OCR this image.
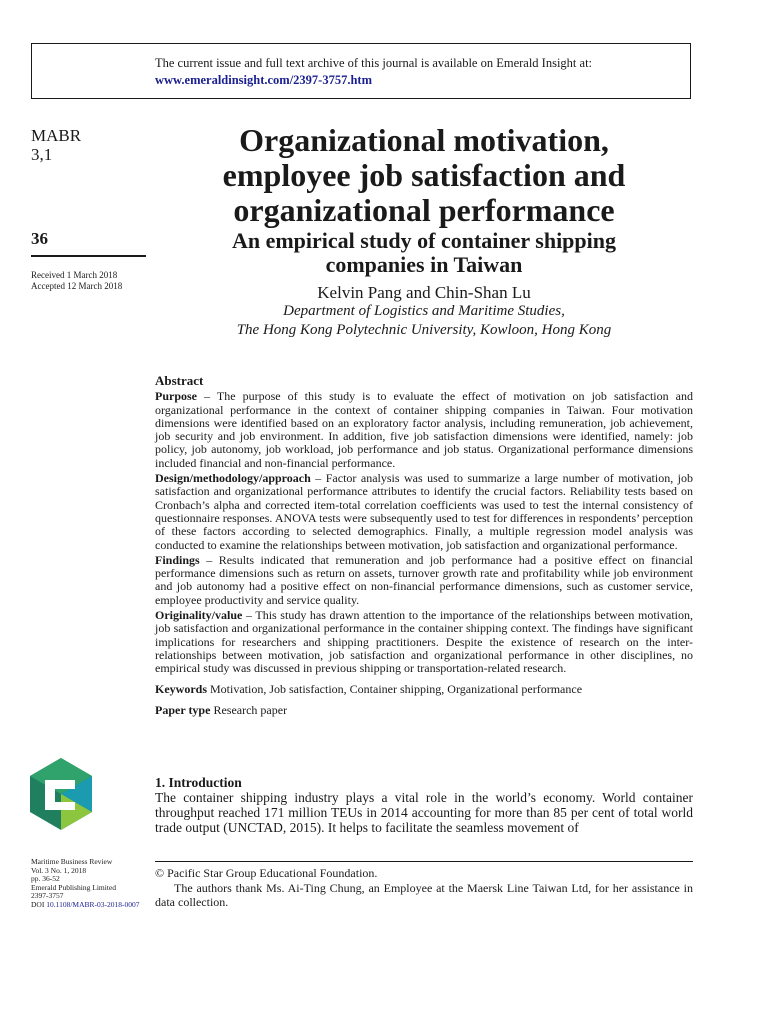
The current issue and full text archive of this journal is available on Emerald Insight at:
www.emeraldinsight.com/2397-3757.htm
MABR
3,1
36
Received 1 March 2018
Accepted 12 March 2018
Organizational motivation,
employee job satisfaction and
organizational performance
An empirical study of container shipping
companies in Taiwan
Kelvin Pang and Chin-Shan Lu
Department of Logistics and Maritime Studies,
The Hong Kong Polytechnic University, Kowloon, Hong Kong
Abstract

Purpose – The purpose of this study is to evaluate the effect of motivation on job satisfaction and organizational performance in the context of container shipping companies in Taiwan. Four motivation dimensions were identified based on an exploratory factor analysis, including remuneration, job achievement, job security and job environment. In addition, five job satisfaction dimensions were identified, namely: job policy, job autonomy, job workload, job performance and job status. Organizational performance dimensions included financial and non-financial performance.

Design/methodology/approach – Factor analysis was used to summarize a large number of motivation, job satisfaction and organizational performance attributes to identify the crucial factors. Reliability tests based on Cronbach’s alpha and corrected item-total correlation coefficients was used to test the internal consistency of questionnaire responses. ANOVA tests were subsequently used to test for differences in respondents’ perception of these factors according to selected demographics. Finally, a multiple regression model analysis was conducted to examine the relationships between motivation, job satisfaction and organizational performance.

Findings – Results indicated that remuneration and job performance had a positive effect on financial performance dimensions such as return on assets, turnover growth rate and profitability while job environment and job autonomy had a positive effect on non-financial performance dimensions, such as customer service, employee productivity and service quality.

Originality/value – This study has drawn attention to the importance of the relationships between motivation, job satisfaction and organizational performance in the container shipping context. The findings have significant implications for researchers and shipping practitioners. Despite the existence of research on the inter-relationships between motivation, job satisfaction and organizational performance in other disciplines, no empirical study was discussed in previous shipping or transportation-related research.

Keywords Motivation, Job satisfaction, Container shipping, Organizational performance

Paper type Research paper

1. Introduction

The container shipping industry plays a vital role in the world’s economy. World container throughput reached 171 million TEUs in 2014 accounting for more than 85 per cent of total world trade output (UNCTAD, 2015). It helps to facilitate the seamless movement of

© Pacific Star Group Educational Foundation.

The authors thank Ms. Ai-Ting Chung, an Employee at the Maersk Line Taiwan Ltd, for her assistance in data collection.

Maritime Business Review
Vol. 3 No. 1, 2018
pp. 36-52
Emerald Publishing Limited
2397-3757
DOI 10.1108/MABR-03-2018-0007
